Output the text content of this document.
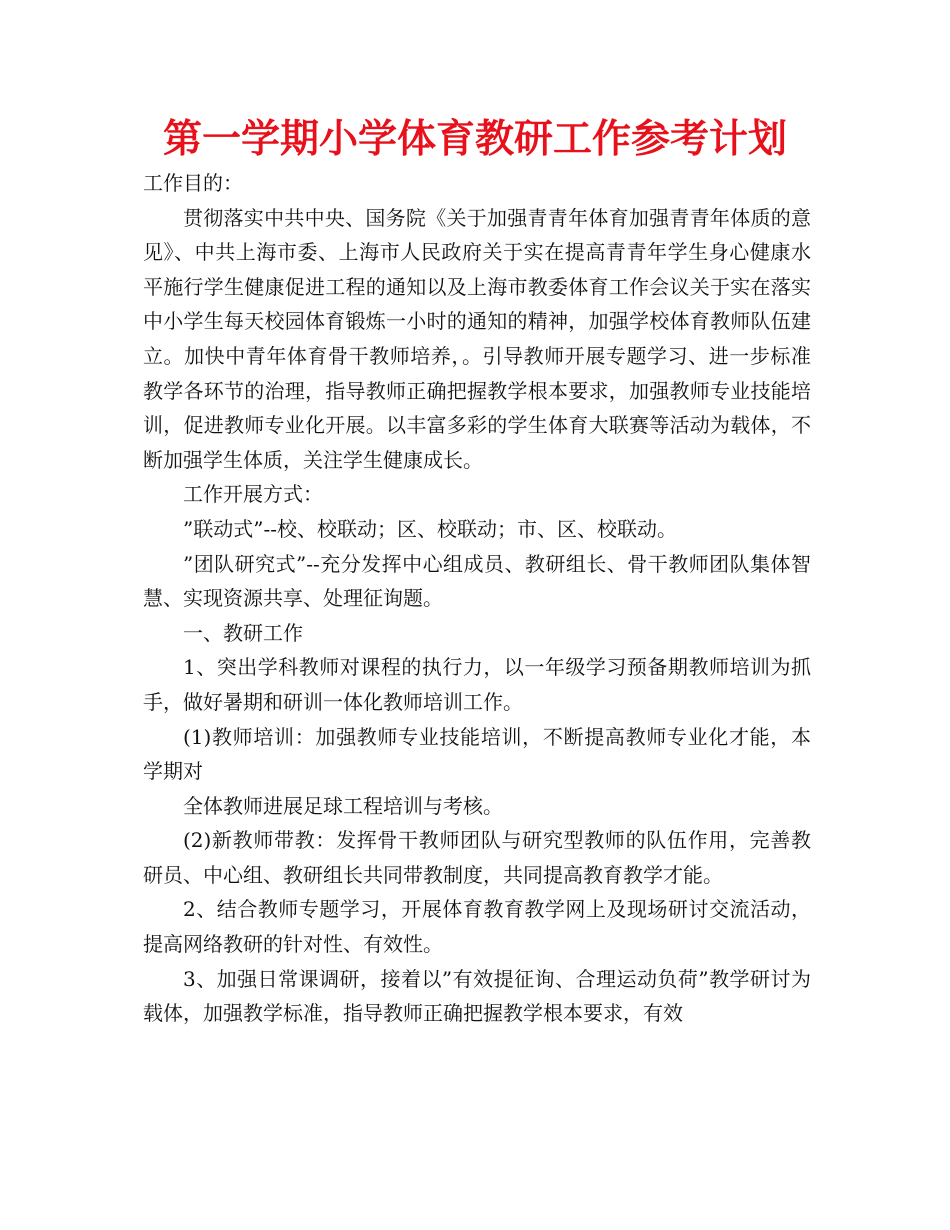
第一学期小学体育教研工作参考计划

工作目的：

贯彻落实中共中央、国务院《关于加强青青年体育加强青青年体质的意见》、中共上海市委、上海市人民政府关于实在提高青青年学生身心健康水平施行学生健康促进工程的通知以及上海市教委体育工作会议关于实在落实中小学生每天校园体育锻炼一小时的通知的精神，加强学校体育教师队伍建立。加快中青年体育骨干教师培养，。引导教师开展专题学习、进一步标准教学各环节的治理，指导教师正确把握教学根本要求，加强教师专业技能培训，促进教师专业化开展。以丰富多彩的学生体育大联赛等活动为载体，不断加强学生体质，关注学生健康成长。

工作开展方式：

”联动式”--校、校联动；区、校联动；市、区、校联动。

”团队研究式”--充分发挥中心组成员、教研组长、骨干教师团队集体智慧、实现资源共享、处理征询题。

一、教研工作

1、突出学科教师对课程的执行力，以一年级学习预备期教师培训为抓手，做好暑期和研训一体化教师培训工作。

(1)教师培训：加强教师专业技能培训，不断提高教师专业化才能，本学期对

全体教师进展足球工程培训与考核。

(2)新教师带教：发挥骨干教师团队与研究型教师的队伍作用，完善教研员、中心组、教研组长共同带教制度，共同提高教育教学才能。

2、结合教师专题学习，开展体育教育教学网上及现场研讨交流活动，提高网络教研的针对性、有效性。

3、加强日常课调研，接着以”有效提征询、合理运动负荷”教学研讨为载体，加强教学标准，指导教师正确把握教学根本要求，有效
